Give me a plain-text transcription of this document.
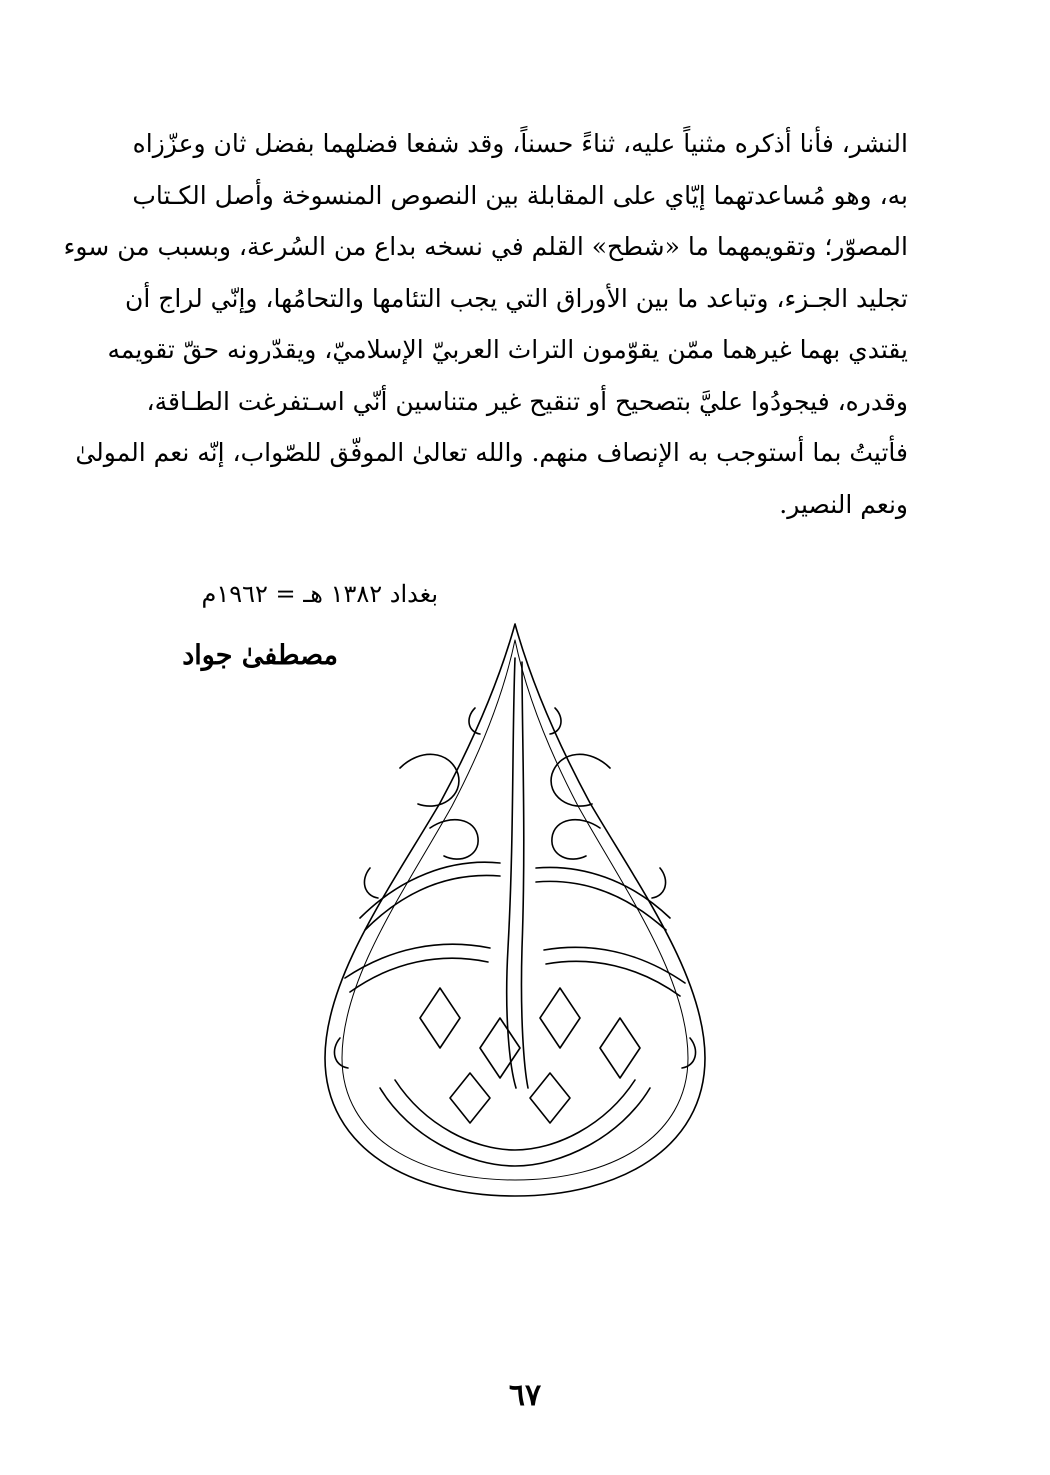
النشر، فأنا أذكره مثنياً عليه، ثناءً حسناً، وقد شفعا فضلهما بفضل ثان وعزّزاه
به، وهو مُساعدتهما إيّاي على المقابلة بين النصوص المنسوخة وأصل الكـتاب
المصوّر؛ وتقويمهما ما «شطح» القلم في نسخه بداع من السُرعة، وبسبب من سوء
تجليد الجـزء، وتباعد ما بين الأوراق التي يجب التئامها والتحامُها، وإنّي لراج أن
يقتدي بهما غيرهما ممّن يقوّمون التراث العربيّ الإسلاميّ، ويقدّرونه حقّ تقويمه
وقدره، فيجودُوا عليَّ بتصحيح أو تنقيح غير متناسين أنّي اسـتفرغت الطـاقة،
فأتيتُ بما أستوجب به الإنصاف منهم. والله تعالىٰ الموفّق للصّواب، إنّه نعم المولىٰ
ونعم النصير.
بغداد ١٣٨٢ هـ = ١٩٦٢م
مصطفىٰ جواد
٦٧
